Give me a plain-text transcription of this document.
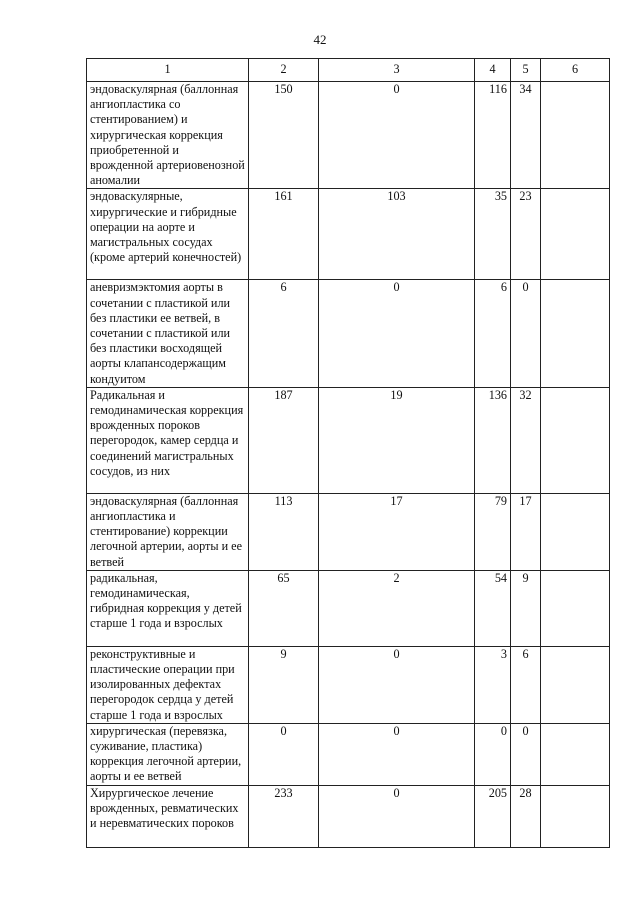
42
1	2	3	4	5	6
эндоваскулярная (баллонная ангиопластика со стентированием) и хирургическая коррекция приобретенной и врожденной артериовенозной аномалии	150	0	116	34	
эндоваскулярные, хирургические и гибридные операции на аорте и магистральных сосудах (кроме артерий конечностей)	161	103	35	23	
аневризмэктомия аорты в сочетании с пластикой или без пластики ее ветвей, в сочетании с пластикой или без пластики восходящей аорты клапансодержащим кондуитом	6	0	6	0	
Радикальная и гемодинамическая коррекция врожденных пороков перегородок, камер сердца и соединений магистральных сосудов, из них	187	19	136	32	
эндоваскулярная (баллонная ангиопластика и стентирование) коррекции легочной артерии, аорты и ее ветвей	113	17	79	17	
радикальная, гемодинамическая, гибридная коррекция у детей старше 1 года и взрослых	65	2	54	9	
реконструктивные и пластические операции при изолированных дефектах перегородок сердца у детей старше 1 года и взрослых	9	0	3	6	
хирургическая (перевязка, суживание, пластика) коррекция легочной артерии, аорты и ее ветвей	0	0	0	0	
Хирургическое лечение врожденных, ревматических и неревматических пороков	233	0	205	28	
